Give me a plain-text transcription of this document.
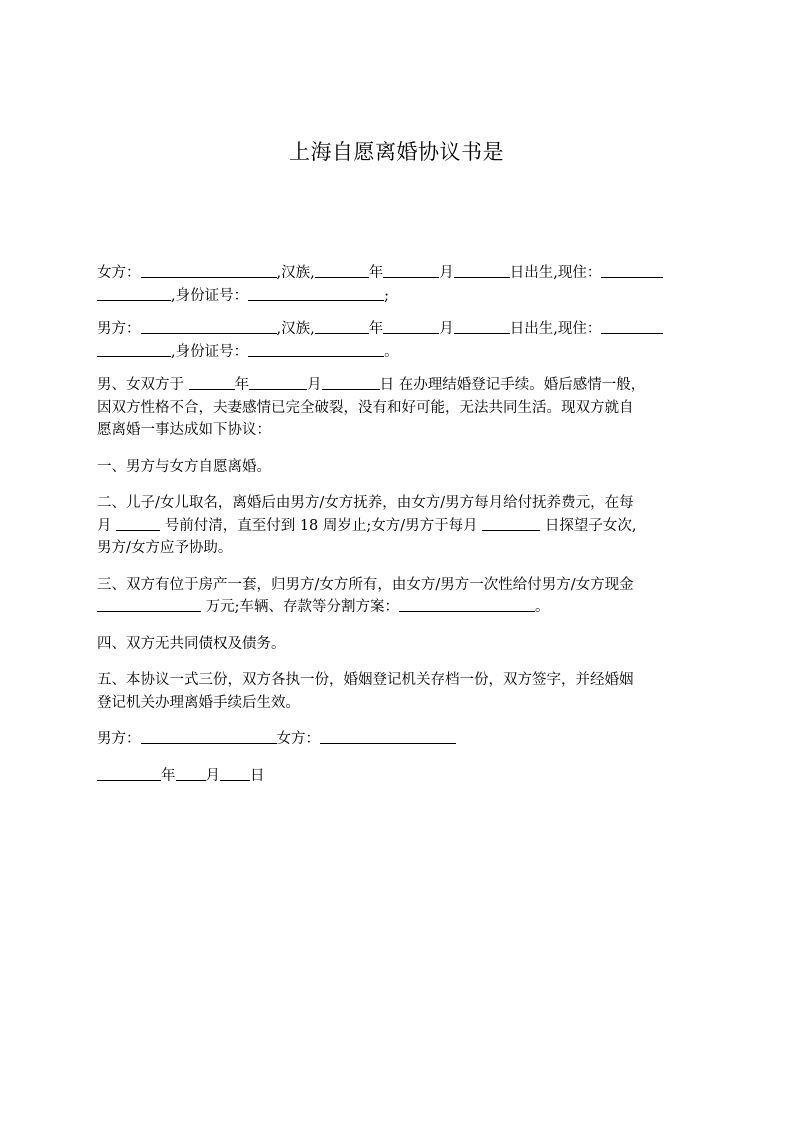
上海自愿离婚协议书是

女方：	,汉族,	年	月	日出生,现住：
,身份证号：	;

男方：	,汉族,	年	月	日出生,现住：
,身份证号：	。

男、女双方于	年	月	日 在办理结婚登记手续。婚后感情一般，
因双方性格不合，夫妻感情已完全破裂，没有和好可能，无法共同生活。现双方就自
愿离婚一事达成如下协议：

一、男方与女方自愿离婚。

二、儿子/女儿取名，离婚后由男方/女方抚养，由女方/男方每月给付抚养费元，在每
月	号前付清，直至付到 18 周岁止;女方/男方于每月	日探望子女次,
男方/女方应予协助。

三、双方有位于房产一套，归男方/女方所有，由女方/男方一次性给付男方/女方现金
万元;车辆、存款等分割方案：	。

四、双方无共同债权及债务。

五、本协议一式三份，双方各执一份，婚姻登记机关存档一份，双方签字，并经婚姻
登记机关办理离婚手续后生效。

男方：	女方：

年 月 日
